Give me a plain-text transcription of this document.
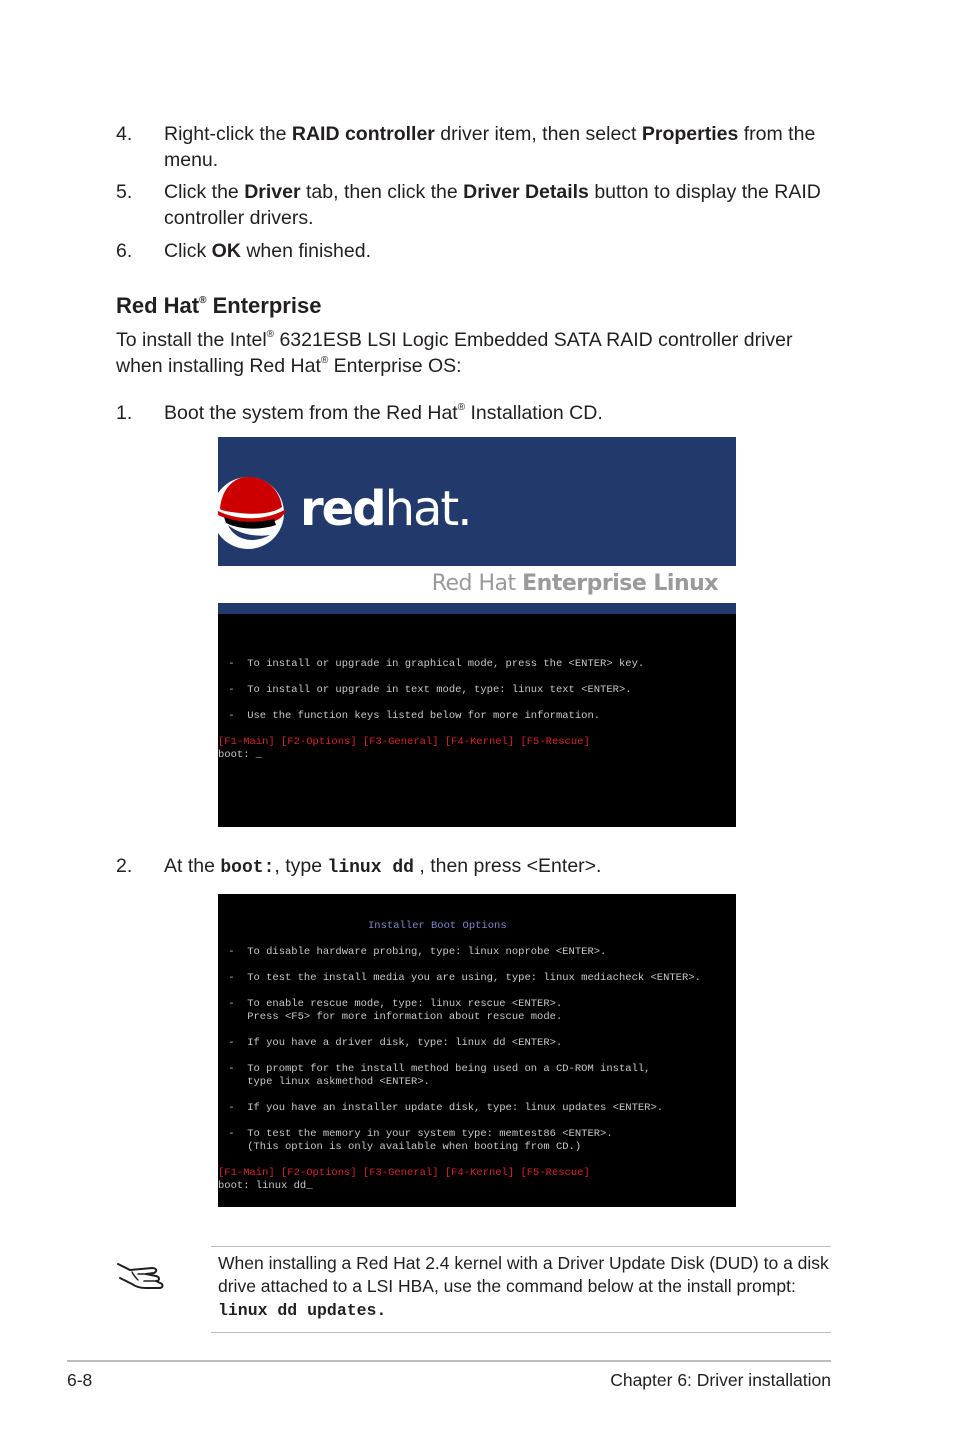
4. Right-click the RAID controller driver item, then select Properties from the
menu.
5. Click the Driver tab, then click the Driver Details button to display the RAID
controller drivers.
6. Click OK when finished.
Red Hat® Enterprise
To install the Intel® 6321ESB LSI Logic Embedded SATA RAID controller driver
when installing Red Hat® Enterprise OS:
1. Boot the system from the Red Hat® Installation CD.
redhat.
Red Hat Enterprise Linux
-  To install or upgrade in graphical mode, press the <ENTER> key.
-  To install or upgrade in text mode, type: linux text <ENTER>.
-  Use the function keys listed below for more information.
[F1-Main] [F2-Options] [F3-General] [F4-Kernel] [F5-Rescue]
boot: _
2. At the boot:, type linux dd , then press <Enter>.
Installer Boot Options
-  To disable hardware probing, type: linux noprobe <ENTER>.
-  To test the install media you are using, type: linux mediacheck <ENTER>.
-  To enable rescue mode, type: linux rescue <ENTER>.
Press <F5> for more information about rescue mode.
-  If you have a driver disk, type: linux dd <ENTER>.
-  To prompt for the install method being used on a CD-ROM install,
type linux askmethod <ENTER>.
-  If you have an installer update disk, type: linux updates <ENTER>.
-  To test the memory in your system type: memtest86 <ENTER>.
(This option is only available when booting from CD.)
[F1-Main] [F2-Options] [F3-General] [F4-Kernel] [F5-Rescue]
boot: linux dd_
When installing a Red Hat 2.4 kernel with a Driver Update Disk (DUD) to a disk
drive attached to a LSI HBA, use the command below at the install prompt:
linux dd updates.
6-8	Chapter 6: Driver installation
